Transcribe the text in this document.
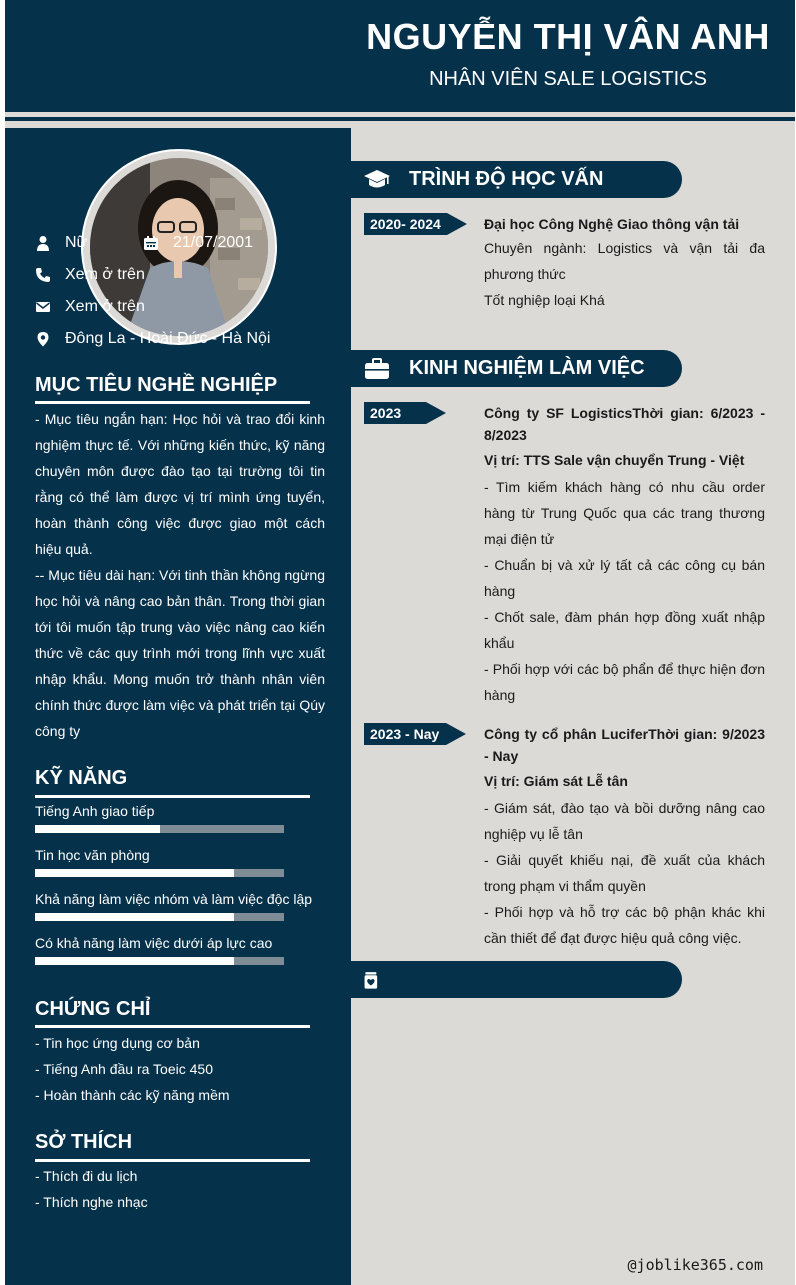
NGUYỄN THỊ VÂN ANH
NHÂN VIÊN SALE LOGISTICS
Nữ	21/07/2001
Xem ở trên
Xem ở trên
Đông La - Hoài Đức - Hà Nội
MỤC TIÊU NGHỀ NGHIỆP

- Mục tiêu ngắn hạn: Học hỏi và trao đổi kinh nghiệm thực tế. Với những kiến thức, kỹ năng chuyên môn được đào tạo tại trường tôi tin rằng có thể làm được vị trí mình ứng tuyển, hoàn thành công việc được giao một cách hiệu quả.

-- Mục tiêu dài hạn: Với tinh thần không ngừng học hỏi và nâng cao bản thân. Trong thời gian tới tôi muốn tập trung vào việc nâng cao kiến thức về các quy trình mới trong lĩnh vực xuất nhập khẩu. Mong muốn trở thành nhân viên chính thức được làm việc và phát triển tại Qúy công ty

KỸ NĂNG
Tiếng Anh giao tiếp
Tin học văn phòng
Khả năng làm việc nhóm và làm việc độc lập
Có khả năng làm việc dưới áp lực cao
CHỨNG CHỈ
- Tin học ứng dụng cơ bản
- Tiếng Anh đầu ra Toeic 450
- Hoàn thành các kỹ năng mềm
SỞ THÍCH
- Thích đi du lịch
- Thích nghe nhạc
TRÌNH ĐỘ HỌC VẤN
2020- 2024	Đại học Công Nghệ Giao thông vận tải

Chuyên ngành: Logistics và vận tải đa phương thức

Tốt nghiệp loại Khá

KINH NGHIỆM LÀM VIỆC
2023	Công ty SF LogisticsThời gian: 6/2023 - 8/2023

Vị trí: TTS Sale vận chuyển Trung - Việt

- Tìm kiếm khách hàng có nhu cầu order hàng từ Trung Quốc qua các trang thương mại điện tử

- Chuẩn bị và xử lý tất cả các công cụ bán hàng

- Chốt sale, đàm phán hợp đồng xuất nhập khẩu

- Phối hợp với các bộ phẩn để thực hiện đơn hàng

2023 - Nay	Công ty cổ phân LuciferThời gian: 9/2023 - Nay

Vị trí: Giám sát Lễ tân

- Giám sát, đào tạo và bồi dưỡng nâng cao nghiệp vụ lễ tân

- Giải quyết khiếu nại, đề xuất của khách trong phạm vi thẩm quyền

- Phối hợp và hỗ trợ các bộ phận khác khi cần thiết để đạt được hiệu quả công việc.

@joblike365.com
